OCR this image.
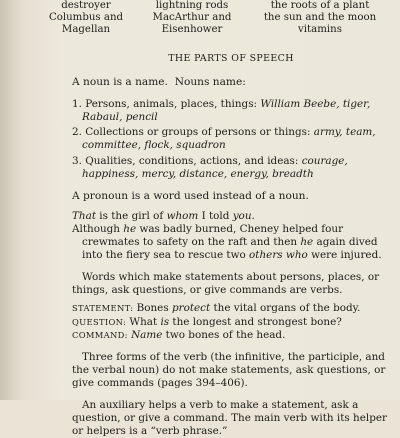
destroyer
Columbus and
Magellan
lightning rods
MacArthur and
Eisenhower
the roots of a plant
the sun and the moon
vitamins
THE PARTS OF SPEECH

A noun is a name. Nouns name:

1. Persons, animals, places, things: William Beebe, tiger, Rabaul, pencil

2. Collections or groups of persons or things: army, team, committee, flock, squadron

3. Qualities, conditions, actions, and ideas: courage, happiness, mercy, distance, energy, breadth

A pronoun is a word used instead of a noun.

That is the girl of whom I told you.

Although he was badly burned, Cheney helped four crewmates to safety on the raft and then he again dived into the fiery sea to rescue two others who were injured.

Words which make statements about persons, places, or things, ask questions, or give commands are verbs.

STATEMENT: Bones protect the vital organs of the body.

QUESTION: What is the longest and strongest bone?

COMMAND: Name two bones of the head.

Three forms of the verb (the infinitive, the participle, and the verbal noun) do not make statements, ask questions, or give commands (pages 394–406).

An auxiliary helps a verb to make a statement, ask a question, or give a command. The main verb with its helper or helpers is a “verb phrase.”
